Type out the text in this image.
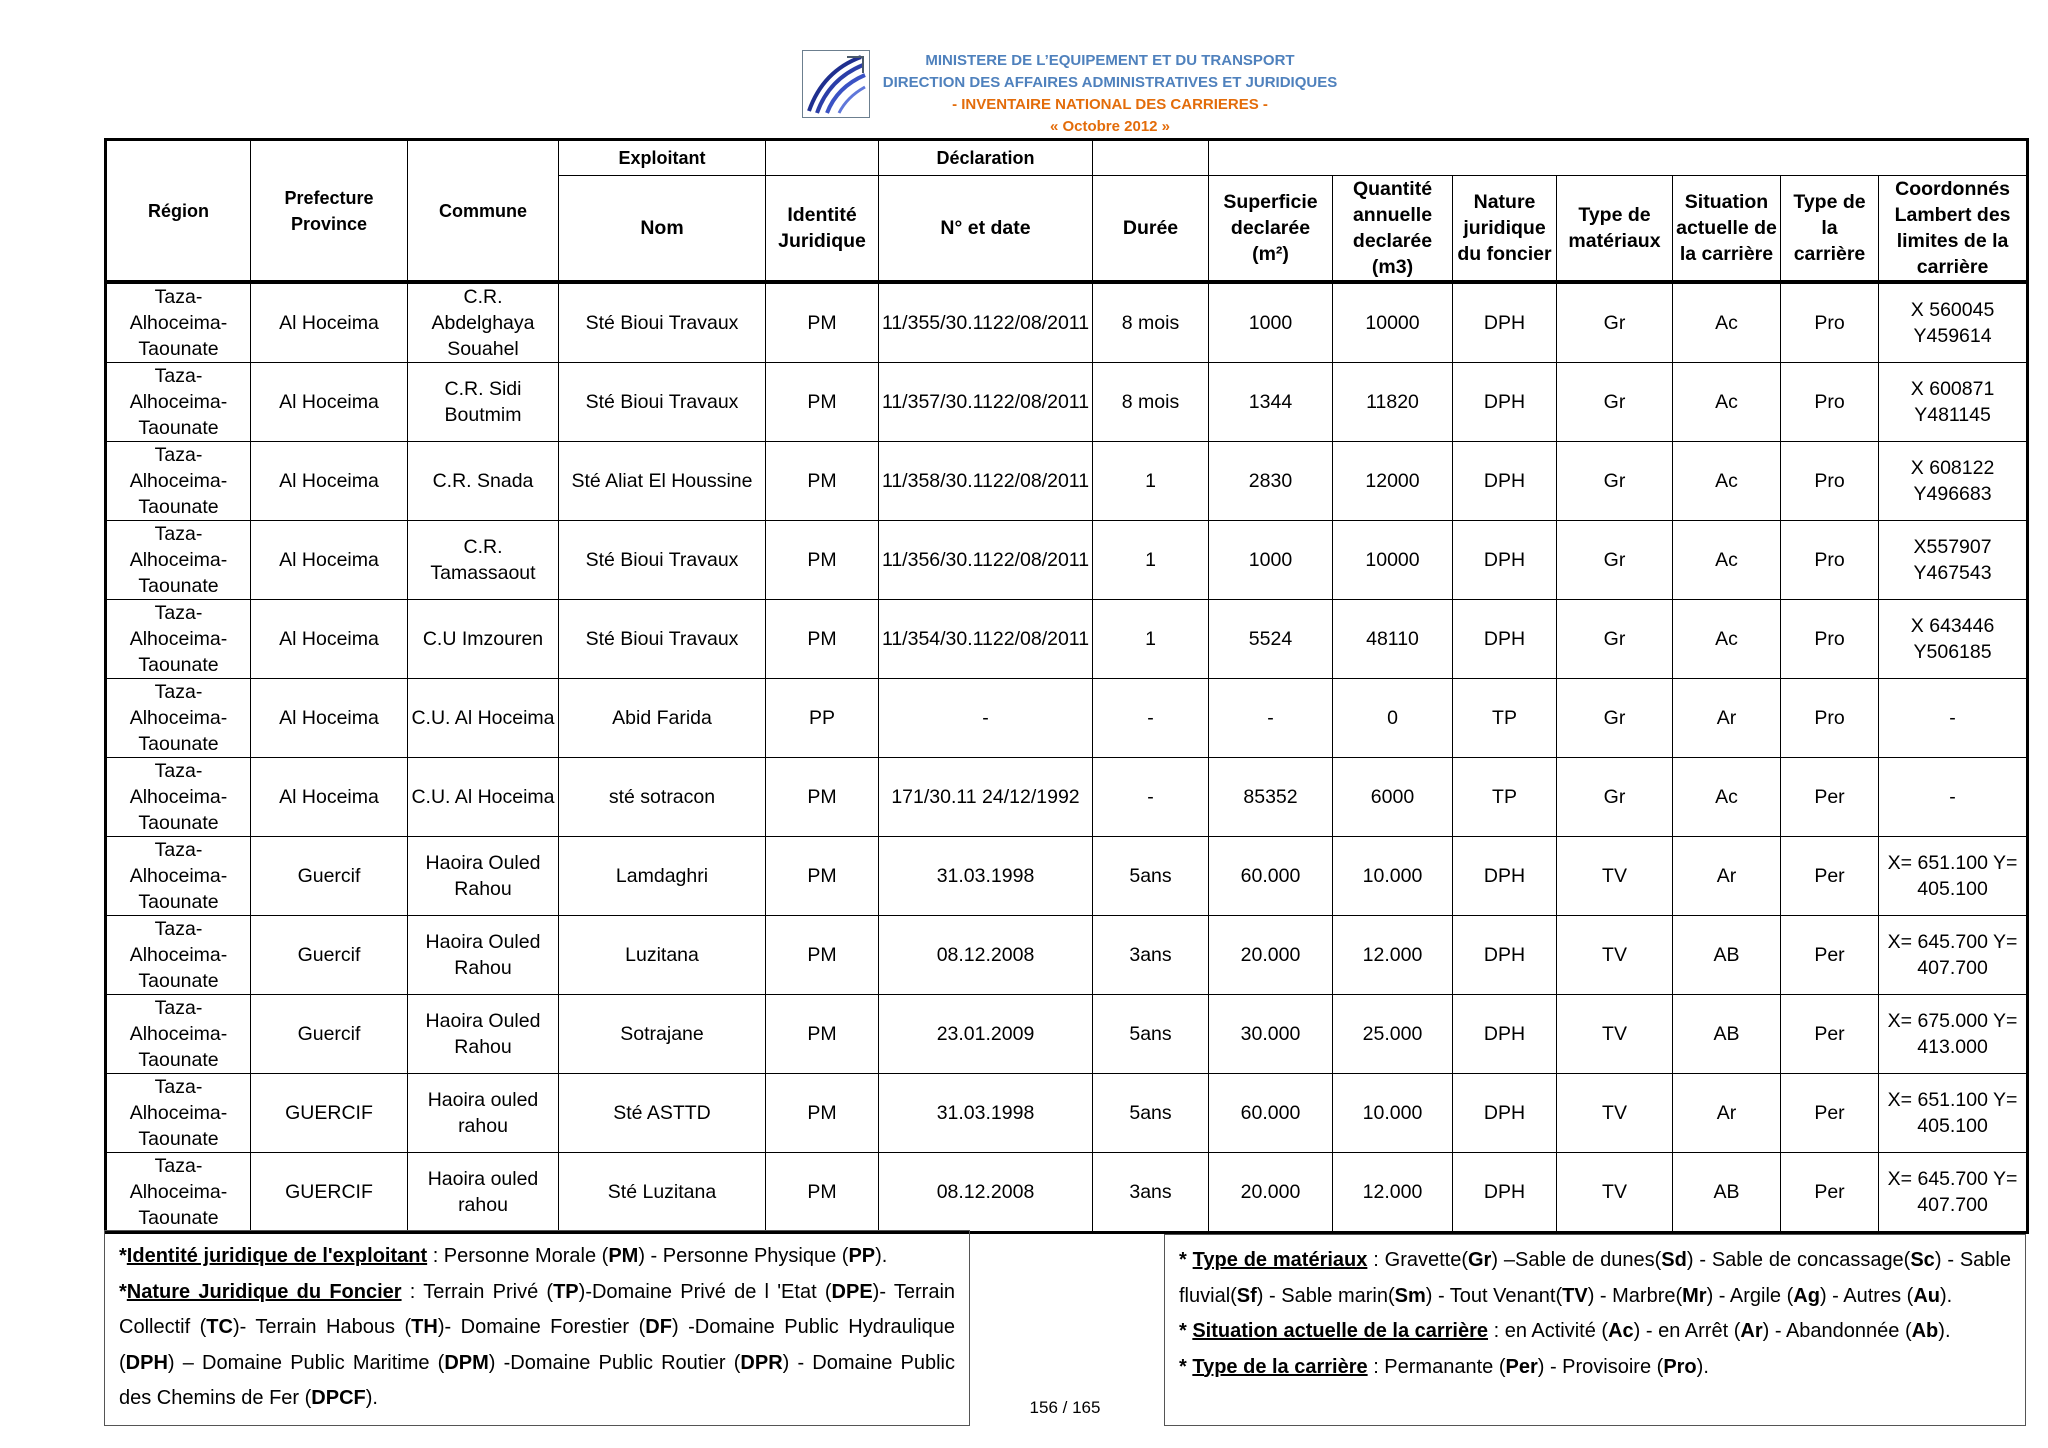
MINISTERE DE L’EQUIPEMENT ET DU TRANSPORT
DIRECTION DES AFFAIRES ADMINISTRATIVES ET JURIDIQUES
- INVENTAIRE NATIONAL DES CARRIERES -
« Octobre 2012 »
Région	Prefecture Province	Commune	Exploitant		Déclaration								
			Nom	Identité Juridique	N° et date	Durée	Superficie declarée (m²)	Quantité annuelle declarée (m3)	Nature juridique du foncier	Type de matériaux	Situation actuelle de la carrière	Type de la carrière	Coordonnés Lambert des limites de la carrière
Taza-Alhoceima-Taounate	Al Hoceima	C.R. Abdelghaya Souahel	Sté Bioui Travaux	PM	11/355/30.1122/08/2011	8 mois	1000	10000	DPH	Gr	Ac	Pro	X 560045 Y459614
Taza-Alhoceima-Taounate	Al Hoceima	C.R. Sidi Boutmim	Sté Bioui Travaux	PM	11/357/30.1122/08/2011	8 mois	1344	11820	DPH	Gr	Ac	Pro	X 600871 Y481145
Taza-Alhoceima-Taounate	Al Hoceima	C.R. Snada	Sté Aliat El Houssine	PM	11/358/30.1122/08/2011	1	2830	12000	DPH	Gr	Ac	Pro	X 608122 Y496683
Taza-Alhoceima-Taounate	Al Hoceima	C.R. Tamassaout	Sté Bioui Travaux	PM	11/356/30.1122/08/2011	1	1000	10000	DPH	Gr	Ac	Pro	X557907 Y467543
Taza-Alhoceima-Taounate	Al Hoceima	C.U Imzouren	Sté Bioui Travaux	PM	11/354/30.1122/08/2011	1	5524	48110	DPH	Gr	Ac	Pro	X 643446 Y506185
Taza-Alhoceima-Taounate	Al Hoceima	C.U. Al Hoceima	Abid Farida	PP	-	-	-	0	TP	Gr	Ar	Pro	-
Taza-Alhoceima-Taounate	Al Hoceima	C.U. Al Hoceima	sté sotracon	PM	171/30.11 24/12/1992	-	85352	6000	TP	Gr	Ac	Per	-
Taza-Alhoceima-Taounate	Guercif	Haoira Ouled Rahou	Lamdaghri	PM	31.03.1998	5ans	60.000	10.000	DPH	TV	Ar	Per	X= 651.100 Y= 405.100
Taza-Alhoceima-Taounate	Guercif	Haoira Ouled Rahou	Luzitana	PM	08.12.2008	3ans	20.000	12.000	DPH	TV	AB	Per	X= 645.700 Y= 407.700
Taza-Alhoceima-Taounate	Guercif	Haoira Ouled Rahou	Sotrajane	PM	23.01.2009	5ans	30.000	25.000	DPH	TV	AB	Per	X= 675.000 Y= 413.000
Taza-Alhoceima-Taounate	GUERCIF	Haoira ouled rahou	Sté ASTTD	PM	31.03.1998	5ans	60.000	10.000	DPH	TV	Ar	Per	X= 651.100 Y= 405.100
Taza-Alhoceima-Taounate	GUERCIF	Haoira ouled rahou	Sté Luzitana	PM	08.12.2008	3ans	20.000	12.000	DPH	TV	AB	Per	X= 645.700 Y= 407.700
*Identité juridique de l'exploitant : Personne Morale (PM) - Personne Physique (PP).
*Nature Juridique du Foncier : Terrain Privé (TP)-Domaine Privé de l 'Etat (DPE)- Terrain Collectif (TC)- Terrain Habous (TH)- Domaine Forestier (DF) -Domaine Public Hydraulique (DPH) – Domaine Public Maritime (DPM) -Domaine Public Routier (DPR) - Domaine Public des Chemins de Fer (DPCF).
* Type de matériaux : Gravette(Gr) –Sable de dunes(Sd) - Sable de concassage(Sc) - Sable fluvial(Sf) - Sable marin(Sm) - Tout Venant(TV) - Marbre(Mr) - Argile (Ag) - Autres (Au).
* Situation actuelle de la carrière : en Activité (Ac) - en Arrêt (Ar) - Abandonnée (Ab).
* Type de la carrière : Permanante (Per) - Provisoire (Pro).
156 / 165
